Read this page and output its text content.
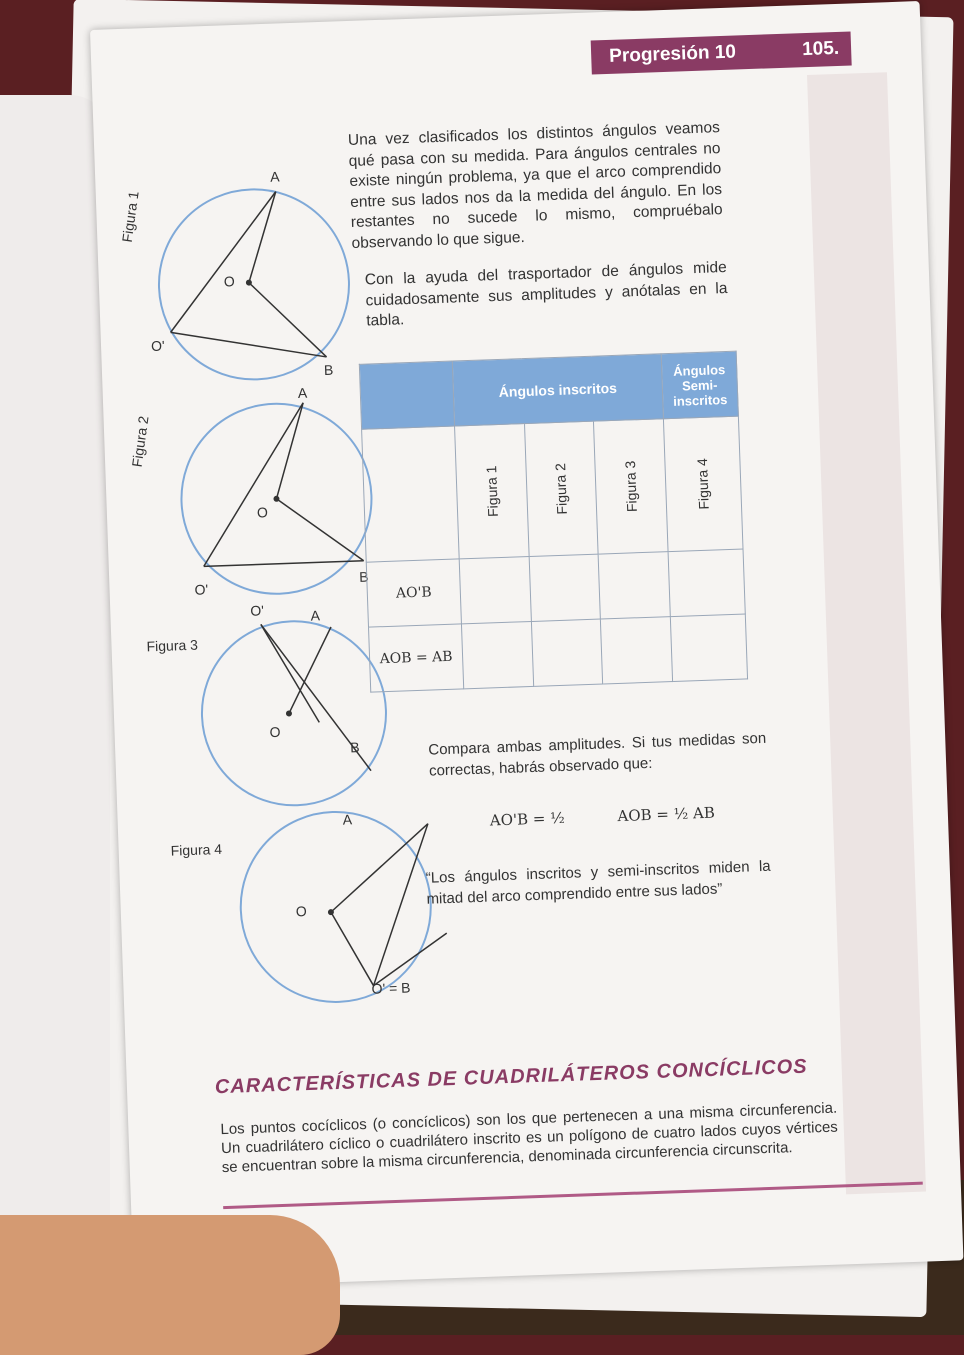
Progresión 10	105.
Una vez clasificados los distintos ángulos veamos qué pasa con su medida. Para ángulos centrales no existe ningún problema, ya que el arco comprendido entre sus lados nos da la medida del ángulo. En los restantes no sucede lo mismo, compruébalo observando lo que sigue.
Con la ayuda del trasportador de ángulos mide cuidadosamente sus amplitudes y anótalas en la tabla.
Figura 1
A
O
O'
B
Figura 2
A
O
O'
B
Figura 3
O'	A
O
B
Figura 4
A
O
O' = B
	Ángulos inscritos			Ángulos Semi-inscritos
	Figura 1	Figura 2	Figura 3	Figura 4
AO'B				
AOB = AB				
Compara ambas amplitudes. Si tus medidas son correctas, habrás observado que:
AO'B = ½	AOB = ½ AB
“Los ángulos inscritos y semi-inscritos miden la mitad del arco comprendido entre sus lados”
CARACTERÍSTICAS DE CUADRILÁTEROS CONCÍCLICOS
Los puntos cocíclicos (o concíclicos) son los que pertenecen a una misma circunferencia. Un cuadrilátero cíclico o cuadrilátero inscrito es un polígono de cuatro lados cuyos vértices se encuentran sobre la misma circunferencia, denominada circunferencia circunscrita.
